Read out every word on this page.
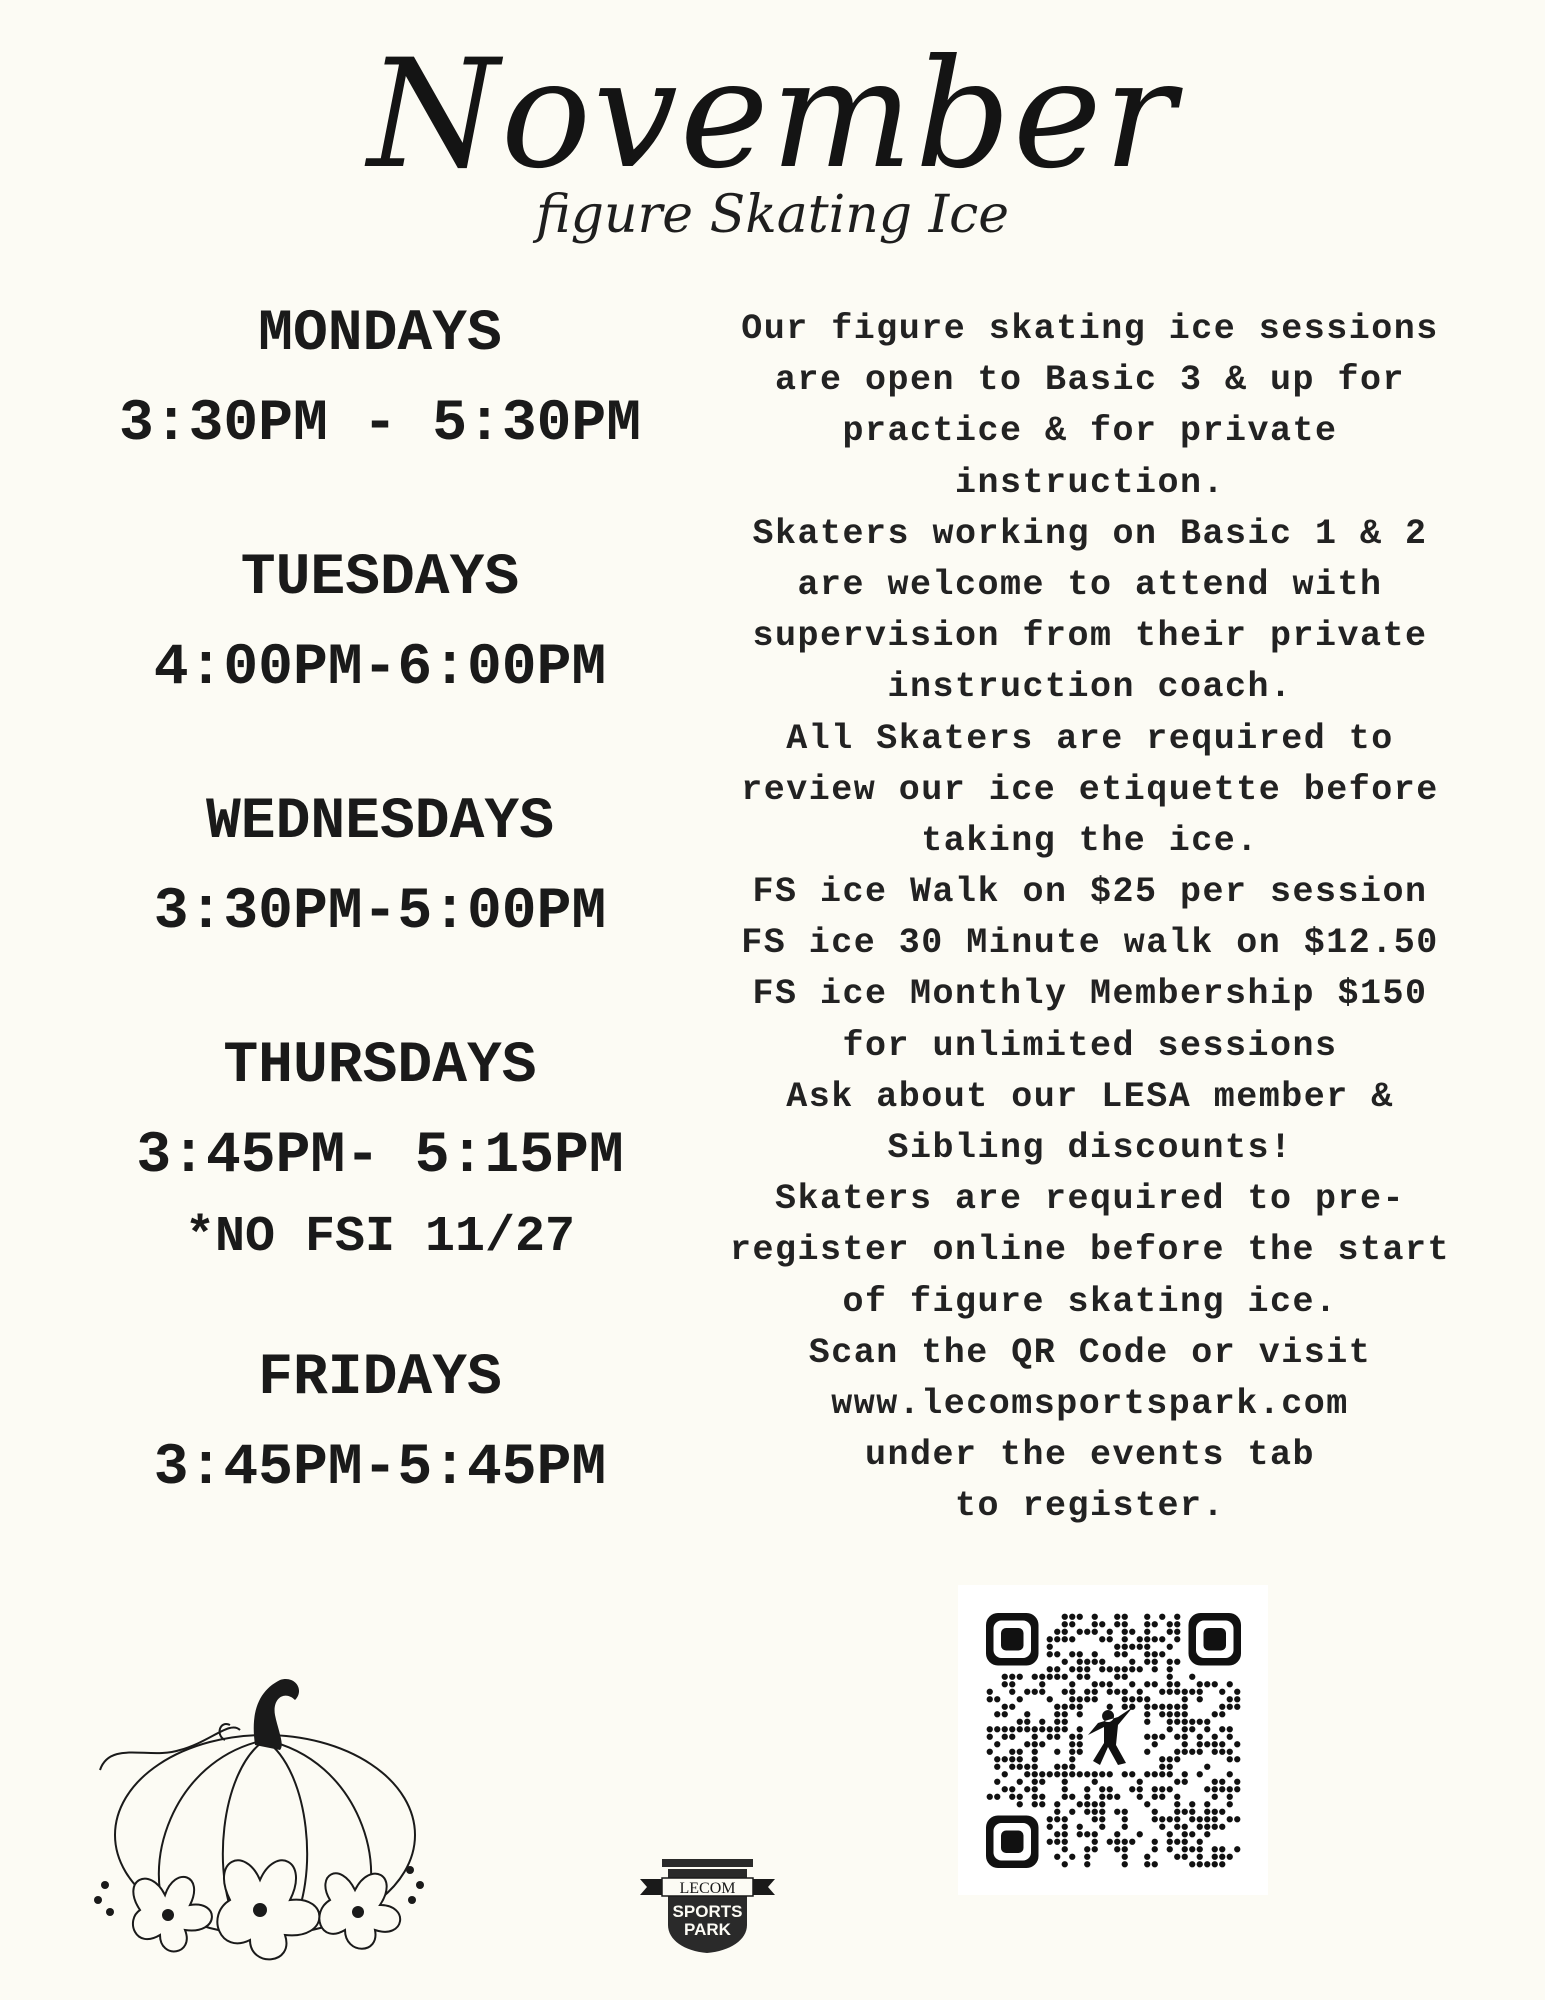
November
figure Skating Ice
MONDAYS
3:30PM - 5:30PM
TUESDAYS
4:00PM-6:00PM
WEDNESDAYS
3:30PM-5:00PM
THURSDAYS
3:45PM- 5:15PM
*NO FSI 11/27
FRIDAYS
3:45PM-5:45PM
Our figure skating ice sessions
are open to Basic 3 & up for
practice & for private
instruction.
Skaters working on Basic 1 & 2
are welcome to attend with
supervision from their private
instruction coach.
All Skaters are required to
review our ice etiquette before
taking the ice.
FS ice Walk on $25 per session
FS ice 30 Minute walk on $12.50
FS ice Monthly Membership $150
for unlimited sessions
Ask about our LESA member &
Sibling discounts!
Skaters are required to pre-
register online before the start
of figure skating ice.
Scan the QR Code or visit
www.lecomsportspark.com
under the events tab
to register.
LECOM
SPORTS
PARK
